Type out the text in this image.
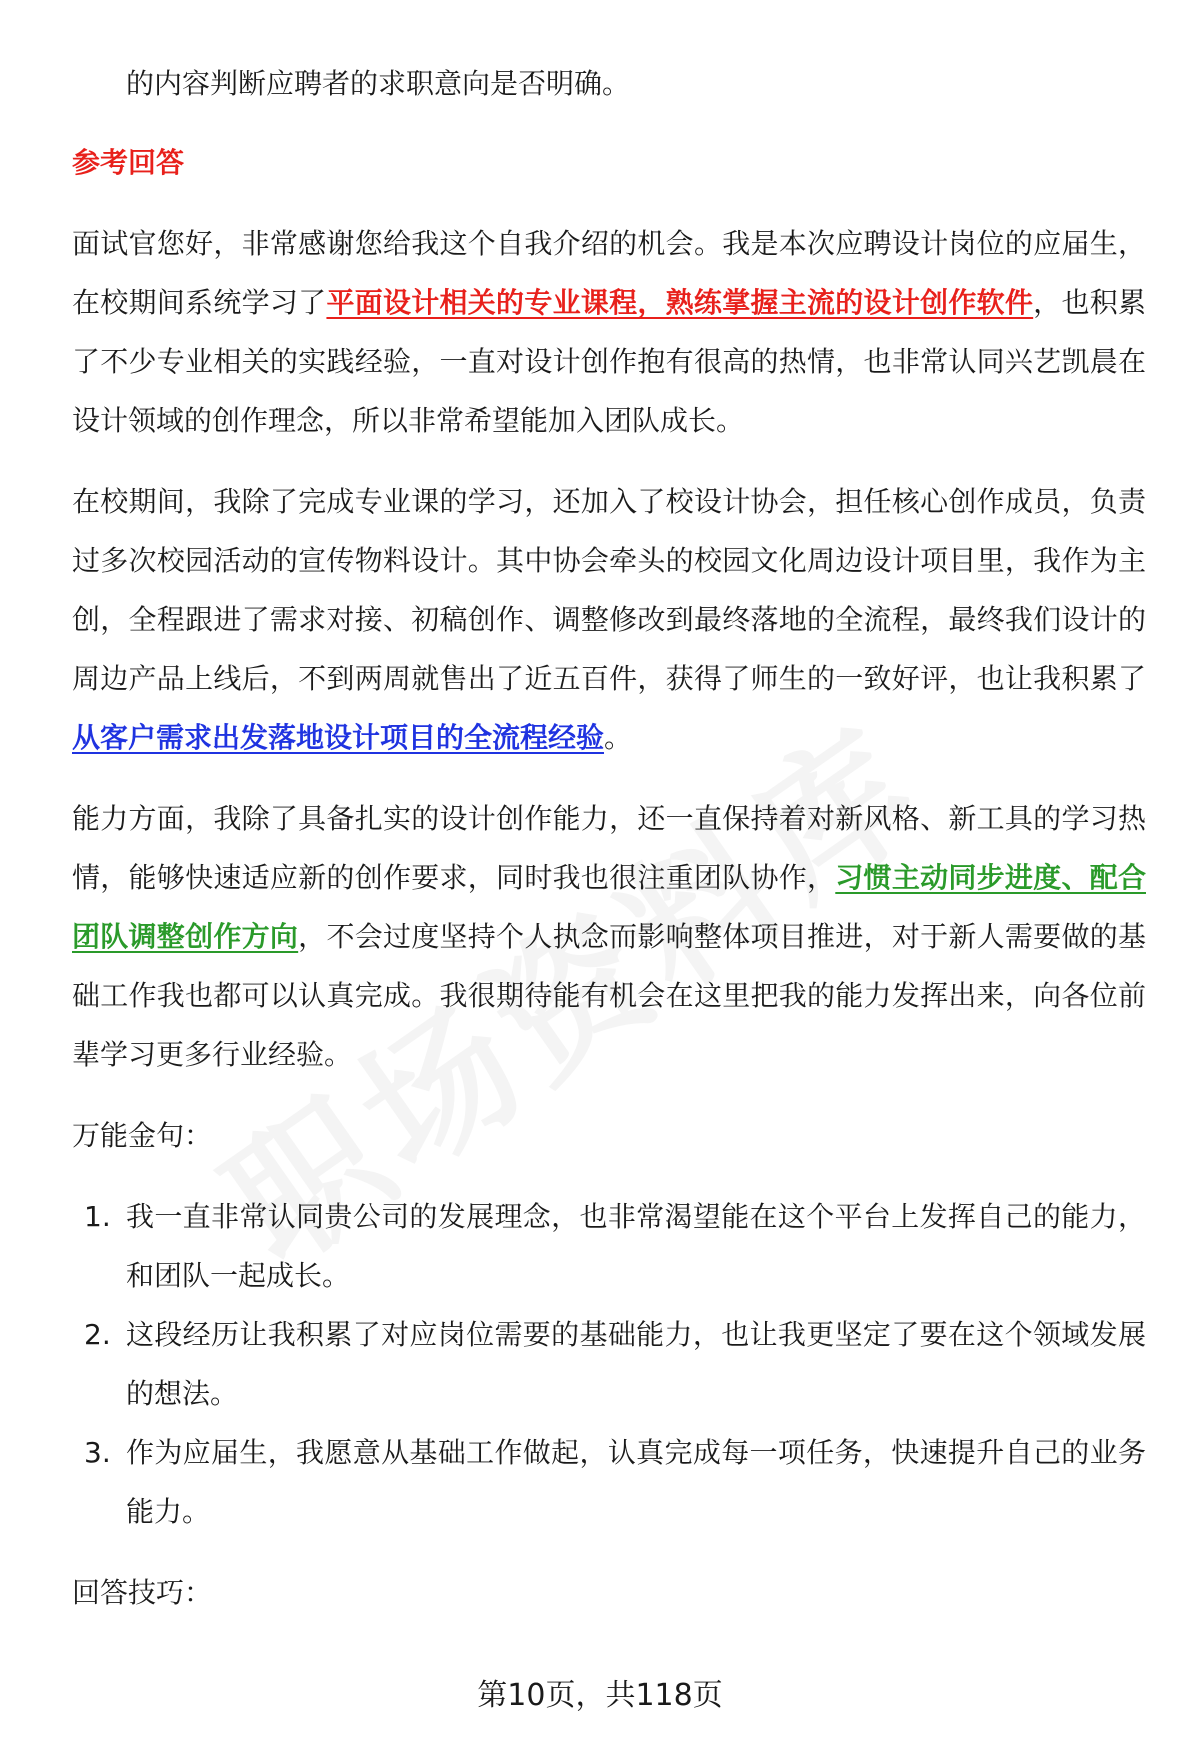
的内容判断应聘者的求职意向是否明确。

参考回答

面试官您好，非常感谢您给我这个自我介绍的机会。我是本次应聘设计岗位的应届生，在校期间系统学习了平面设计相关的专业课程，熟练掌握主流的设计创作软件，也积累了不少专业相关的实践经验，一直对设计创作抱有很高的热情，也非常认同兴艺凯晨在设计领域的创作理念，所以非常希望能加入团队成长。

在校期间，我除了完成专业课的学习，还加入了校设计协会，担任核心创作成员，负责过多次校园活动的宣传物料设计。其中协会牵头的校园文化周边设计项目里，我作为主创，全程跟进了需求对接、初稿创作、调整修改到最终落地的全流程，最终我们设计的周边产品上线后，不到两周就售出了近五百件，获得了师生的一致好评，也让我积累了从客户需求出发落地设计项目的全流程经验。

能力方面，我除了具备扎实的设计创作能力，还一直保持着对新风格、新工具的学习热情，能够快速适应新的创作要求，同时我也很注重团队协作，习惯主动同步进度、配合团队调整创作方向，不会过度坚持个人执念而影响整体项目推进，对于新人需要做的基础工作我也都可以认真完成。我很期待能有机会在这里把我的能力发挥出来，向各位前辈学习更多行业经验。

万能金句：

1. 我一直非常认同贵公司的发展理念，也非常渴望能在这个平台上发挥自己的能力，和团队一起成长。
2. 这段经历让我积累了对应岗位需要的基础能力，也让我更坚定了要在这个领域发展的想法。
3. 作为应届生，我愿意从基础工作做起，认真完成每一项任务，快速提升自己的业务能力。

回答技巧：

第10页，共118页
